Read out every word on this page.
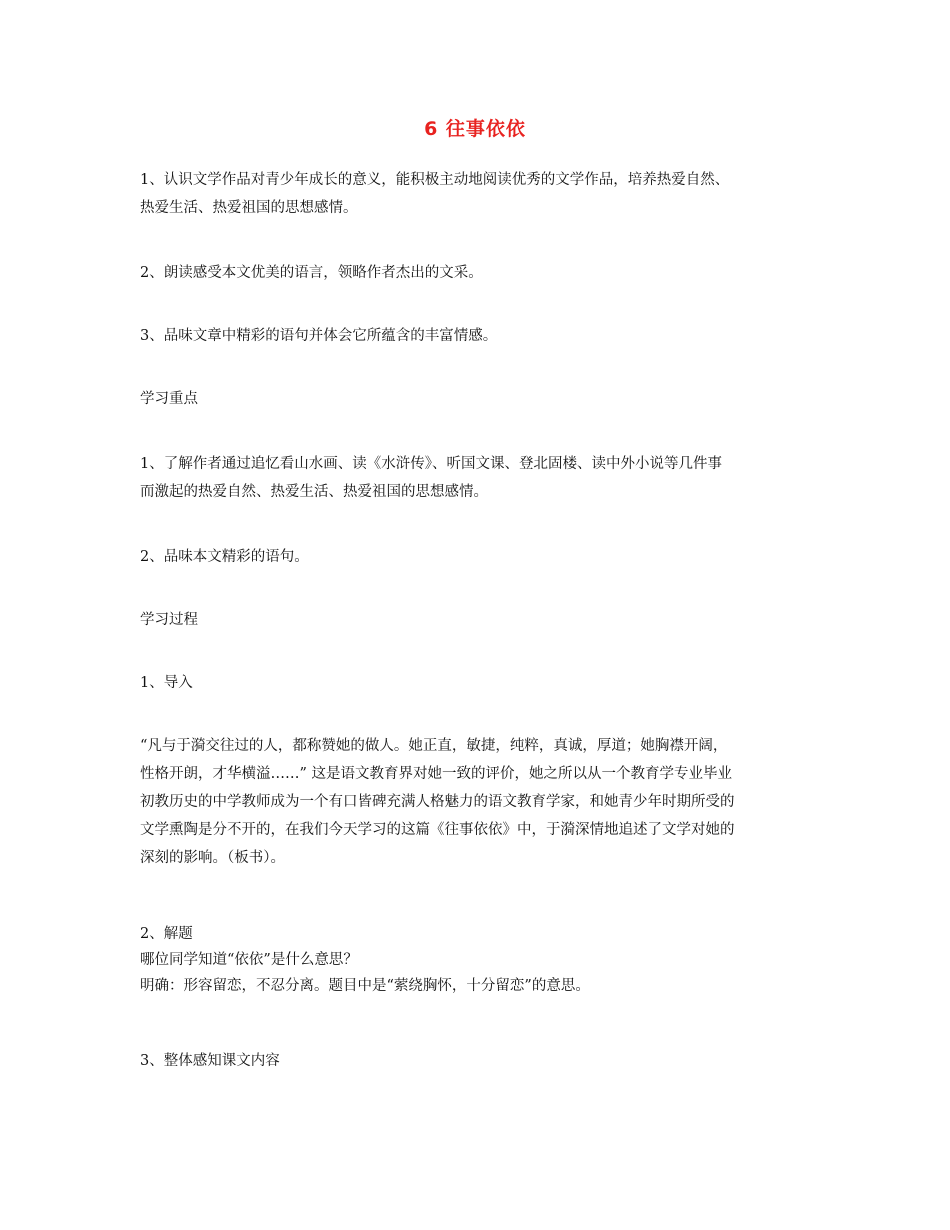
6 往事依依
1、认识文学作品对青少年成长的意义，能积极主动地阅读优秀的文学作品，培养热爱自然、
热爱生活、热爱祖国的思想感情。
2、朗读感受本文优美的语言，领略作者杰出的文采。
3、品味文章中精彩的语句并体会它所蕴含的丰富情感。
学习重点
1、了解作者通过追忆看山水画、读《水浒传》、听国文课、登北固楼、读中外小说等几件事
而激起的热爱自然、热爱生活、热爱祖国的思想感情。
2、品味本文精彩的语句。
学习过程
1、导入
“凡与于漪交往过的人，都称赞她的做人。她正直，敏捷，纯粹，真诚，厚道；她胸襟开阔，
性格开朗，才华横溢……” 这是语文教育界对她一致的评价，她之所以从一个教育学专业毕业
初教历史的中学教师成为一个有口皆碑充满人格魅力的语文教育学家，和她青少年时期所受的
文学熏陶是分不开的，在我们今天学习的这篇《往事依依》中，于漪深情地追述了文学对她的
深刻的影响。（板书）。
2、解题
哪位同学知道“依依”是什么意思？
明确：形容留恋，不忍分离。题目中是“萦绕胸怀，十分留恋”的意思。
3、整体感知课文内容
